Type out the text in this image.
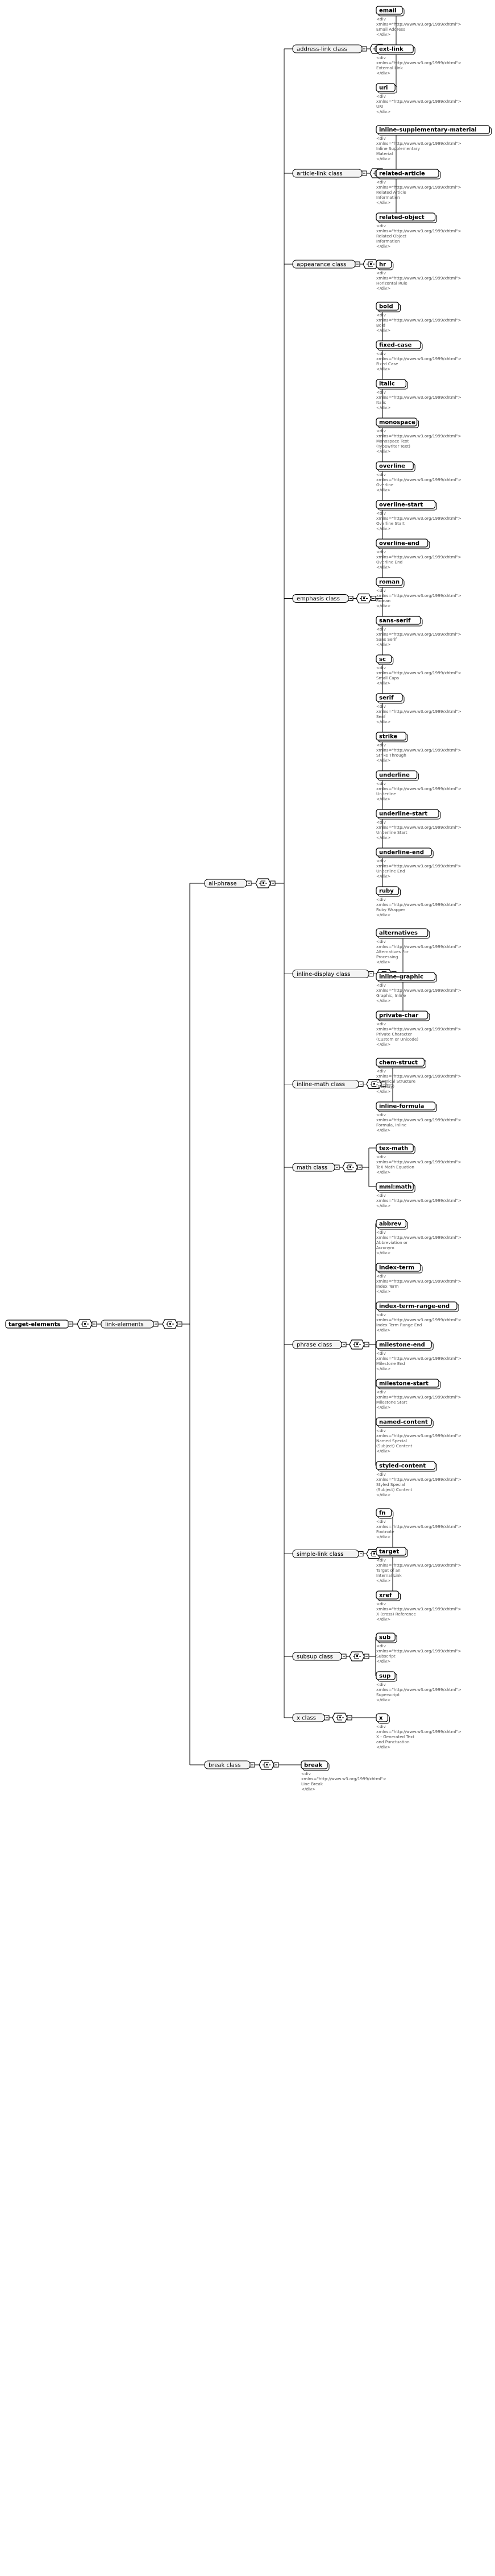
target-elements	link-elements
all-phrase
address-link class
email
<div
xmlns="http://www.w3.org/1999/xhtml">
Email Address
</div>
ext-link
<div
xmlns="http://www.w3.org/1999/xhtml">
External Link
</div>
uri
<div
xmlns="http://www.w3.org/1999/xhtml">
URI
</div>
article-link class
inline-supplementary-material
<div
xmlns="http://www.w3.org/1999/xhtml">
Inline Supplementary
Material
</div>
related-article
<div
xmlns="http://www.w3.org/1999/xhtml">
Related Article
Information
</div>
related-object
<div
xmlns="http://www.w3.org/1999/xhtml">
Related Object
Information
</div>
appearance class	hr
<div
xmlns="http://www.w3.org/1999/xhtml">
Horizontal Rule
</div>
emphasis class
bold
<div
xmlns="http://www.w3.org/1999/xhtml">
Bold
</div>
fixed-case
<div
xmlns="http://www.w3.org/1999/xhtml">
Fixed Case
</div>
italic
<div
xmlns="http://www.w3.org/1999/xhtml">
Italic
</div>
monospace
<div
xmlns="http://www.w3.org/1999/xhtml">
Monospace Text
(Typewriter Text)
</div>
overline
<div
xmlns="http://www.w3.org/1999/xhtml">
Overline
</div>
overline-start
<div
xmlns="http://www.w3.org/1999/xhtml">
Overline Start
</div>
overline-end
<div
xmlns="http://www.w3.org/1999/xhtml">
Overline End
</div>
roman
<div
xmlns="http://www.w3.org/1999/xhtml">
Roman
</div>
sans-serif
<div
xmlns="http://www.w3.org/1999/xhtml">
Sans Serif
</div>
sc
<div
xmlns="http://www.w3.org/1999/xhtml">
Small Caps
</div>
serif
<div
xmlns="http://www.w3.org/1999/xhtml">
Serif
</div>
strike
<div
xmlns="http://www.w3.org/1999/xhtml">
Strike Through
</div>
underline
<div
xmlns="http://www.w3.org/1999/xhtml">
Underline
</div>
underline-start
<div
xmlns="http://www.w3.org/1999/xhtml">
Underline Start
</div>
underline-end
<div
xmlns="http://www.w3.org/1999/xhtml">
Underline End
</div>
ruby
<div
xmlns="http://www.w3.org/1999/xhtml">
Ruby Wrapper
</div>
inline-display class
alternatives
<div
xmlns="http://www.w3.org/1999/xhtml">
Alternatives For
Processing
</div>
inline-graphic
<div
xmlns="http://www.w3.org/1999/xhtml">
Graphic, Inline
</div>
private-char
<div
xmlns="http://www.w3.org/1999/xhtml">
Private Character
(Custom or Unicode)
</div>
inline-math class
chem-struct
<div
xmlns="http://www.w3.org/1999/xhtml">
Chemical Structure
(Display)
</div>
inline-formula
<div
xmlns="http://www.w3.org/1999/xhtml">
Formula, Inline
</div>
math class
tex-math
<div
xmlns="http://www.w3.org/1999/xhtml">
TeX Math Equation
</div>
mml:math
<div
xmlns="http://www.w3.org/1999/xhtml">
</div>
phrase class
abbrev
<div
xmlns="http://www.w3.org/1999/xhtml">
Abbreviation or
Acronym
</div>
index-term
<div
xmlns="http://www.w3.org/1999/xhtml">
Index Term
</div>
index-term-range-end
<div
xmlns="http://www.w3.org/1999/xhtml">
Index Term Range End
</div>
milestone-end
<div
xmlns="http://www.w3.org/1999/xhtml">
Milestone End
</div>
milestone-start
<div
xmlns="http://www.w3.org/1999/xhtml">
Milestone Start
</div>
named-content
<div
xmlns="http://www.w3.org/1999/xhtml">
Named Special
(Subject) Content
</div>
styled-content
<div
xmlns="http://www.w3.org/1999/xhtml">
Styled Special
(Subject) Content
</div>
simple-link class
fn
<div
xmlns="http://www.w3.org/1999/xhtml">
Footnote
</div>
target
<div
xmlns="http://www.w3.org/1999/xhtml">
Target of an
Internal Link
</div>
xref
<div
xmlns="http://www.w3.org/1999/xhtml">
X (cross) Reference
</div>
subsup class
sub
<div
xmlns="http://www.w3.org/1999/xhtml">
Subscript
</div>
sup
<div
xmlns="http://www.w3.org/1999/xhtml">
Superscript
</div>
x class	x
<div
xmlns="http://www.w3.org/1999/xhtml">
X - Generated Text
and Punctuation
</div>
break class	break
<div
xmlns="http://www.w3.org/1999/xhtml">
Line Break
</div>
